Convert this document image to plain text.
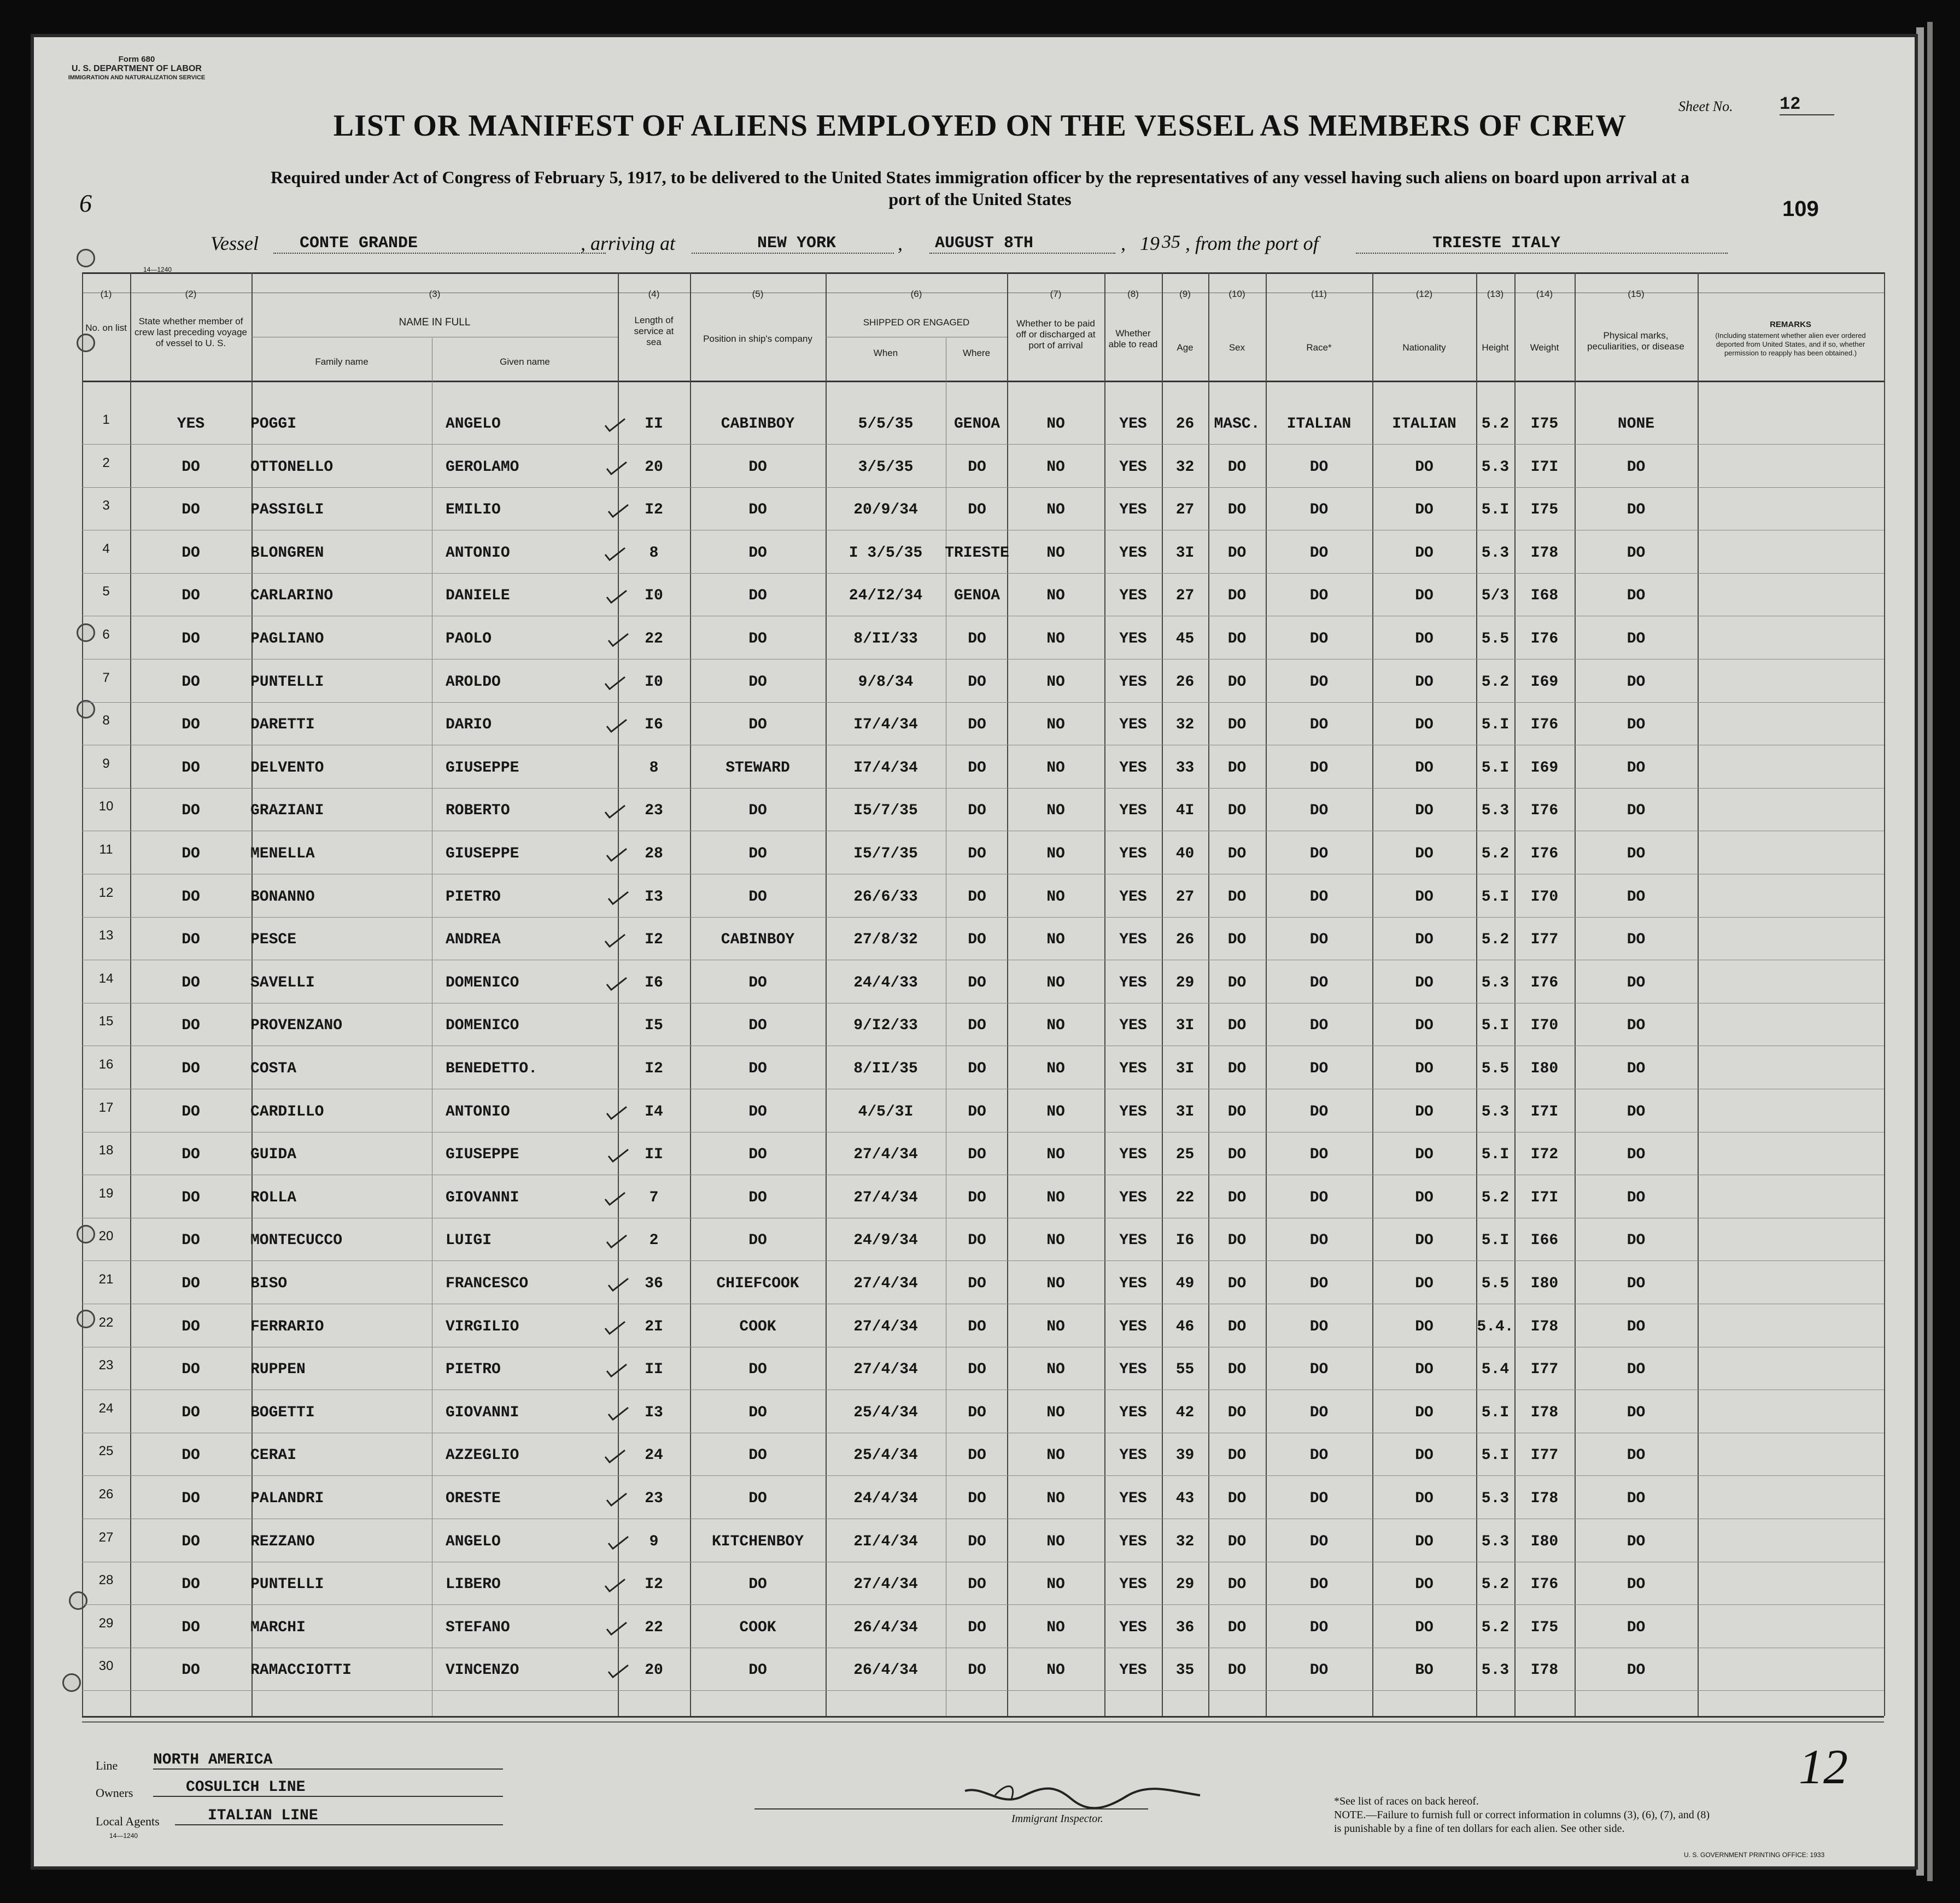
Form 680
U. S. DEPARTMENT OF LABOR
IMMIGRATION AND NATURALIZATION SERVICE
Sheet No.	12
LIST OR MANIFEST OF ALIENS EMPLOYED ON THE VESSEL AS MEMBERS OF CREW
Required under Act of Congress of February 5, 1917, to be delivered to the United States immigration officer by the representatives of any vessel having such aliens on board upon arrival at a
port of the United States	109
6
Vessel	CONTE GRANDE	, arriving at	NEW YORK	,	AUGUST 8TH	, 19 35 , from the port of	TRIESTE ITALY
14—1240
(1)	(2)	(3)	(4)	(5)	(6)	(7)	(8)	(9)	(10)	(11)	(12)	(13)	(14)	(15)
No. on list
State whether member of crew last preceding voyage of vessel to U. S.
NAME IN FULL
Family name	Given name
Length of service at sea	Position in ship's company
SHIPPED OR ENGAGED
When	Where
Whether to be paid off or discharged at port of arrival
Whether able to read	Age	Sex	Race*	Nationality	Height	Weight
Physical marks, peculiarities, or disease
REMARKS
(Including statement whether alien ever ordered deported from United States, and if so, whether permission to reapply has been obtained.)
1	YES	POGGI	ANGELO	II	CABINBOY	5/5/35	GENOA	NO	YES	26	MASC.	ITALIAN	ITALIAN	5.2	I75	NONE
2	DO	OTTONELLO	GEROLAMO	20	DO	3/5/35	DO	NO	YES	32	DO	DO	DO	5.3	I7I	DO
3	DO	PASSIGLI	EMILIO	I2	DO	20/9/34	DO	NO	YES	27	DO	DO	DO	5.I	I75	DO
4	DO	BLONGREN	ANTONIO	8	DO	I 3/5/35	TRIESTE	NO	YES	3I	DO	DO	DO	5.3	I78	DO
5	DO	CARLARINO	DANIELE	I0	DO	24/I2/34	GENOA	NO	YES	27	DO	DO	DO	5/3	I68	DO
6	DO	PAGLIANO	PAOLO	22	DO	8/II/33	DO	NO	YES	45	DO	DO	DO	5.5	I76	DO
7	DO	PUNTELLI	AROLDO	I0	DO	9/8/34	DO	NO	YES	26	DO	DO	DO	5.2	I69	DO
8	DO	DARETTI	DARIO	I6	DO	I7/4/34	DO	NO	YES	32	DO	DO	DO	5.I	I76	DO
9	DO	DELVENTO	GIUSEPPE	8	STEWARD	I7/4/34	DO	NO	YES	33	DO	DO	DO	5.I	I69	DO
10	DO	GRAZIANI	ROBERTO	23	DO	I5/7/35	DO	NO	YES	4I	DO	DO	DO	5.3	I76	DO
11	DO	MENELLA	GIUSEPPE	28	DO	I5/7/35	DO	NO	YES	40	DO	DO	DO	5.2	I76	DO
12	DO	BONANNO	PIETRO	I3	DO	26/6/33	DO	NO	YES	27	DO	DO	DO	5.I	I70	DO
13	DO	PESCE	ANDREA	I2	CABINBOY	27/8/32	DO	NO	YES	26	DO	DO	DO	5.2	I77	DO
14	DO	SAVELLI	DOMENICO	I6	DO	24/4/33	DO	NO	YES	29	DO	DO	DO	5.3	I76	DO
15	DO	PROVENZANO	DOMENICO	I5	DO	9/I2/33	DO	NO	YES	3I	DO	DO	DO	5.I	I70	DO
16	DO	COSTA	BENEDETTO.	I2	DO	8/II/35	DO	NO	YES	3I	DO	DO	DO	5.5	I80	DO
17	DO	CARDILLO	ANTONIO	I4	DO	4/5/3I	DO	NO	YES	3I	DO	DO	DO	5.3	I7I	DO
18	DO	GUIDA	GIUSEPPE	II	DO	27/4/34	DO	NO	YES	25	DO	DO	DO	5.I	I72	DO
19	DO	ROLLA	GIOVANNI	7	DO	27/4/34	DO	NO	YES	22	DO	DO	DO	5.2	I7I	DO
20	DO	MONTECUCCO	LUIGI	2	DO	24/9/34	DO	NO	YES	I6	DO	DO	DO	5.I	I66	DO
21	DO	BISO	FRANCESCO	36	CHIEFCOOK	27/4/34	DO	NO	YES	49	DO	DO	DO	5.5	I80	DO
22	DO	FERRARIO	VIRGILIO	2I	COOK	27/4/34	DO	NO	YES	46	DO	DO	DO	5.4.	I78	DO
23	DO	RUPPEN	PIETRO	II	DO	27/4/34	DO	NO	YES	55	DO	DO	DO	5.4	I77	DO
24	DO	BOGETTI	GIOVANNI	I3	DO	25/4/34	DO	NO	YES	42	DO	DO	DO	5.I	I78	DO
25	DO	CERAI	AZZEGLIO	24	DO	25/4/34	DO	NO	YES	39	DO	DO	DO	5.I	I77	DO
26	DO	PALANDRI	ORESTE	23	DO	24/4/34	DO	NO	YES	43	DO	DO	DO	5.3	I78	DO
27	DO	REZZANO	ANGELO	9	KITCHENBOY	2I/4/34	DO	NO	YES	32	DO	DO	DO	5.3	I80	DO
28	DO	PUNTELLI	LIBERO	I2	DO	27/4/34	DO	NO	YES	29	DO	DO	DO	5.2	I76	DO
29	DO	MARCHI	STEFANO	22	COOK	26/4/34	DO	NO	YES	36	DO	DO	DO	5.2	I75	DO
30	DO	RAMACCIOTTI	VINCENZO	20	DO	26/4/34	DO	NO	YES	35	DO	DO	BO	5.3	I78	DO
Line NORTH AMERICA
Owners	COSULICH LINE
Local Agents	ITALIAN LINE
14—1240
Immigrant Inspector.
*See list of races on back hereof.
NOTE.—Failure to furnish full or correct information in columns (3), (6), (7), and (8)
is punishable by a fine of ten dollars for each alien. See other side.
12
U. S. GOVERNMENT PRINTING OFFICE: 1933
